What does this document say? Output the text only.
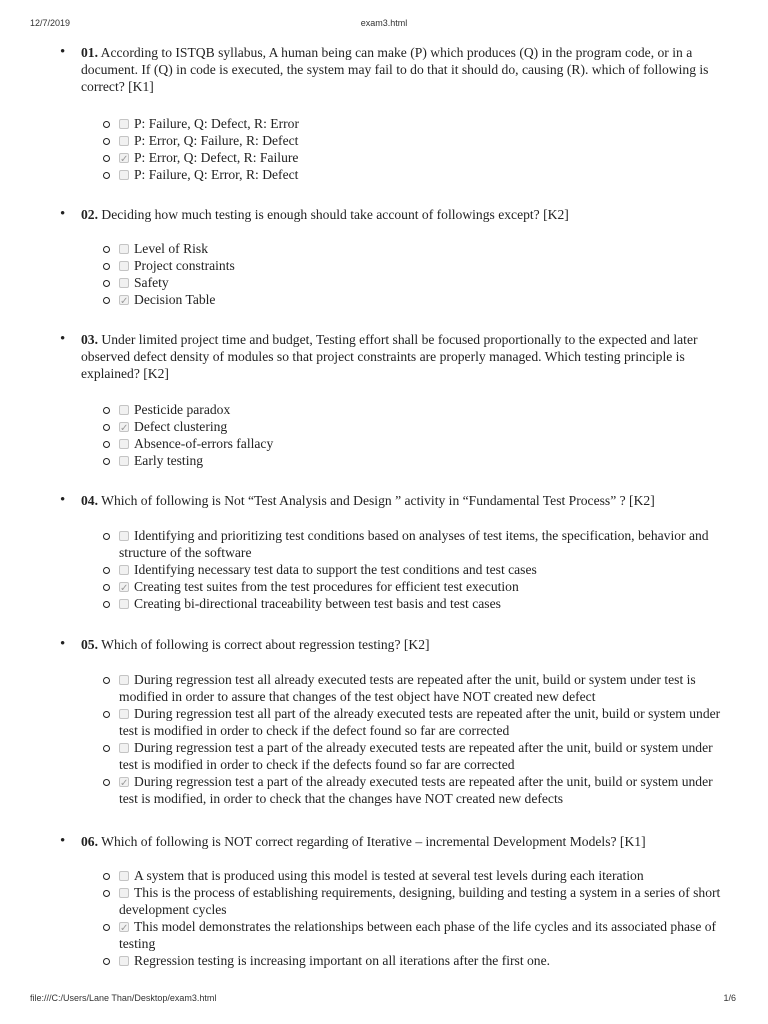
12/7/2019	exam3.html
• 01. According to ISTQB syllabus, A human being can make (P) which produces (Q) in the program code, or in a document. If (Q) in code is executed, the system may fail to do that it should do, causing (R). which of following is correct? [K1]
P: Failure, Q: Defect, R: Error
P: Error, Q: Failure, R: Defect
✓P: Error, Q: Defect, R: Failure
P: Failure, Q: Error, R: Defect
• 02. Deciding how much testing is enough should take account of followings except? [K2]
Level of Risk
Project constraints
Safety
✓Decision Table
• 03. Under limited project time and budget, Testing effort shall be focused proportionally to the expected and later observed defect density of modules so that project constraints are properly managed. Which testing principle is explained? [K2]
Pesticide paradox
✓Defect clustering
Absence-of-errors fallacy
Early testing
• 04. Which of following is Not “Test Analysis and Design ” activity in “Fundamental Test Process” ? [K2]
Identifying and prioritizing test conditions based on analyses of test items, the specification, behavior and structure of the software
Identifying necessary test data to support the test conditions and test cases
✓Creating test suites from the test procedures for efficient test execution
Creating bi-directional traceability between test basis and test cases
• 05. Which of following is correct about regression testing? [K2]
During regression test all already executed tests are repeated after the unit, build or system under test is modified in order to assure that changes of the test object have NOT created new defect
During regression test all part of the already executed tests are repeated after the unit, build or system under test is modified in order to check if the defect found so far are corrected
During regression test a part of the already executed tests are repeated after the unit, build or system under test is modified in order to check if the defects found so far are corrected
✓During regression test a part of the already executed tests are repeated after the unit, build or system under test is modified, in order to check that the changes have NOT created new defects
• 06. Which of following is NOT correct regarding of Iterative – incremental Development Models? [K1]
A system that is produced using this model is tested at several test levels during each iteration
This is the process of establishing requirements, designing, building and testing a system in a series of short development cycles
✓This model demonstrates the relationships between each phase of the life cycles and its associated phase of testing
Regression testing is increasing important on all iterations after the first one.
file:///C:/Users/Lane Than/Desktop/exam3.html	1/6
